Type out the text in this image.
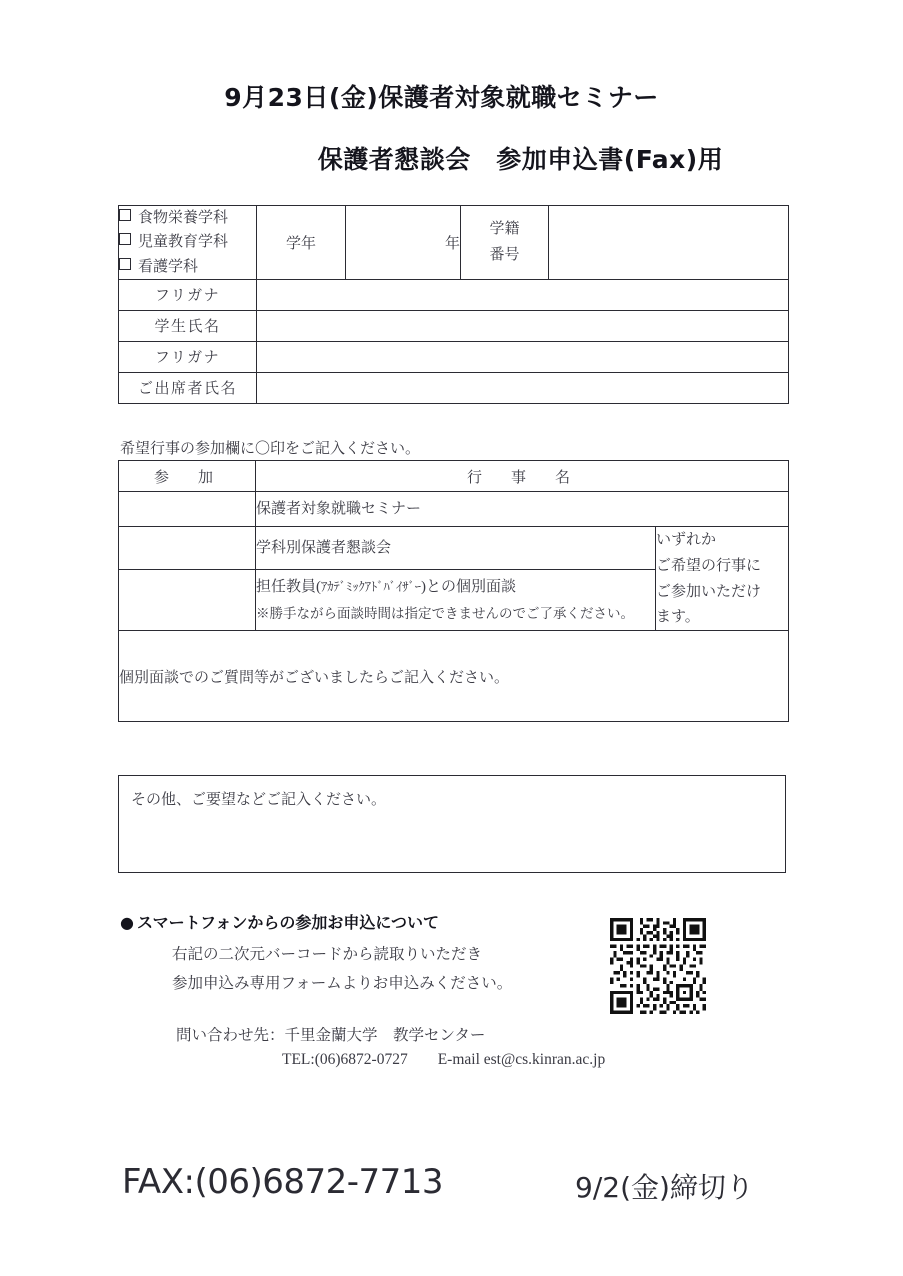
9月23日(金)保護者対象就職セミナー
保護者懇談会　参加申込書(Fax)用
食物栄養学科
児童教育学科
看護学科
	学年	年	
学籍
番号

フリガナ				
学生氏名				
フリガナ				
ご出席者氏名				
希望行事の参加欄に〇印をご記入ください。
参　加	行　事　名	
	保護者対象就職セミナー	
	学科別保護者懇談会	いずれか
ご希望の行事に
ご参加いただけ
ます。

	担任教員(ｱｶﾃﾞﾐｯｸｱﾄﾞﾊﾞｲｻﾞｰ)との個別面談
※勝手ながら面談時間は指定できませんのでご了承ください。	

個別面談でのご質問等がございましたらご記入ください。		
その他、ご要望などご記入ください。
● スマートフォンからの参加お申込について
右記の二次元バーコードから読取りいただき
参加申込み専用フォームよりお申込みください。
問い合わせ先：千里金蘭大学　教学センター
TEL:(06)6872-0727 E-mail est@cs.kinran.ac.jp
FAX:(06)6872-7713	9/2(金)締切り
